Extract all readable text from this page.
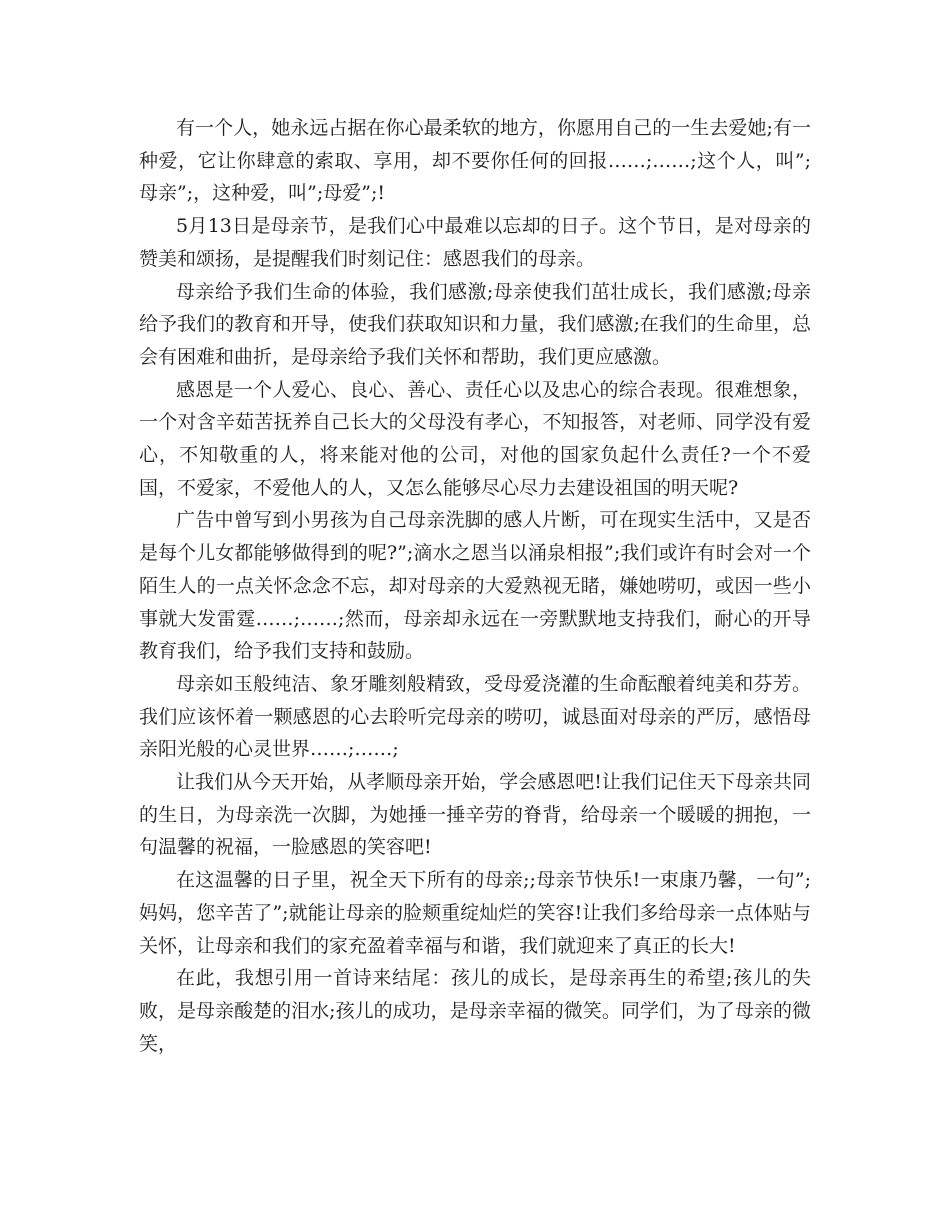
有一个人，她永远占据在你心最柔软的地方，你愿用自己的一生去爱她;有一种爱，它让你肆意的索取、享用，却不要你任何的回报……;……;这个人，叫”;母亲”;，这种爱，叫”;母爱”;!

5月13日是母亲节，是我们心中最难以忘却的日子。这个节日，是对母亲的赞美和颂扬，是提醒我们时刻记住：感恩我们的母亲。

母亲给予我们生命的体验，我们感激;母亲使我们茁壮成长，我们感激;母亲给予我们的教育和开导，使我们获取知识和力量，我们感激;在我们的生命里，总会有困难和曲折，是母亲给予我们关怀和帮助，我们更应感激。

感恩是一个人爱心、良心、善心、责任心以及忠心的综合表现。很难想象，一个对含辛茹苦抚养自己长大的父母没有孝心，不知报答，对老师、同学没有爱心，不知敬重的人，将来能对他的公司，对他的国家负起什么责任?一个不爱国，不爱家，不爱他人的人，又怎么能够尽心尽力去建设祖国的明天呢?

广告中曾写到小男孩为自己母亲洗脚的感人片断，可在现实生活中，又是否是每个儿女都能够做得到的呢?”;滴水之恩当以涌泉相报”;我们或许有时会对一个陌生人的一点关怀念念不忘，却对母亲的大爱熟视无睹，嫌她唠叨，或因一些小事就大发雷霆……;……;然而，母亲却永远在一旁默默地支持我们，耐心的开导教育我们，给予我们支持和鼓励。

母亲如玉般纯洁、象牙雕刻般精致，受母爱浇灌的生命酝酿着纯美和芬芳。我们应该怀着一颗感恩的心去聆听完母亲的唠叨，诚恳面对母亲的严厉，感悟母亲阳光般的心灵世界……;……;

让我们从今天开始，从孝顺母亲开始，学会感恩吧!让我们记住天下母亲共同的生日，为母亲洗一次脚，为她捶一捶辛劳的脊背，给母亲一个暖暖的拥抱，一句温馨的祝福，一脸感恩的笑容吧!

在这温馨的日子里，祝全天下所有的母亲;;母亲节快乐!一束康乃馨，一句”;妈妈，您辛苦了”;就能让母亲的脸颊重绽灿烂的笑容!让我们多给母亲一点体贴与关怀，让母亲和我们的家充盈着幸福与和谐，我们就迎来了真正的长大!

在此，我想引用一首诗来结尾：孩儿的成长，是母亲再生的希望;孩儿的失败，是母亲酸楚的泪水;孩儿的成功，是母亲幸福的微笑。同学们，为了母亲的微笑，
